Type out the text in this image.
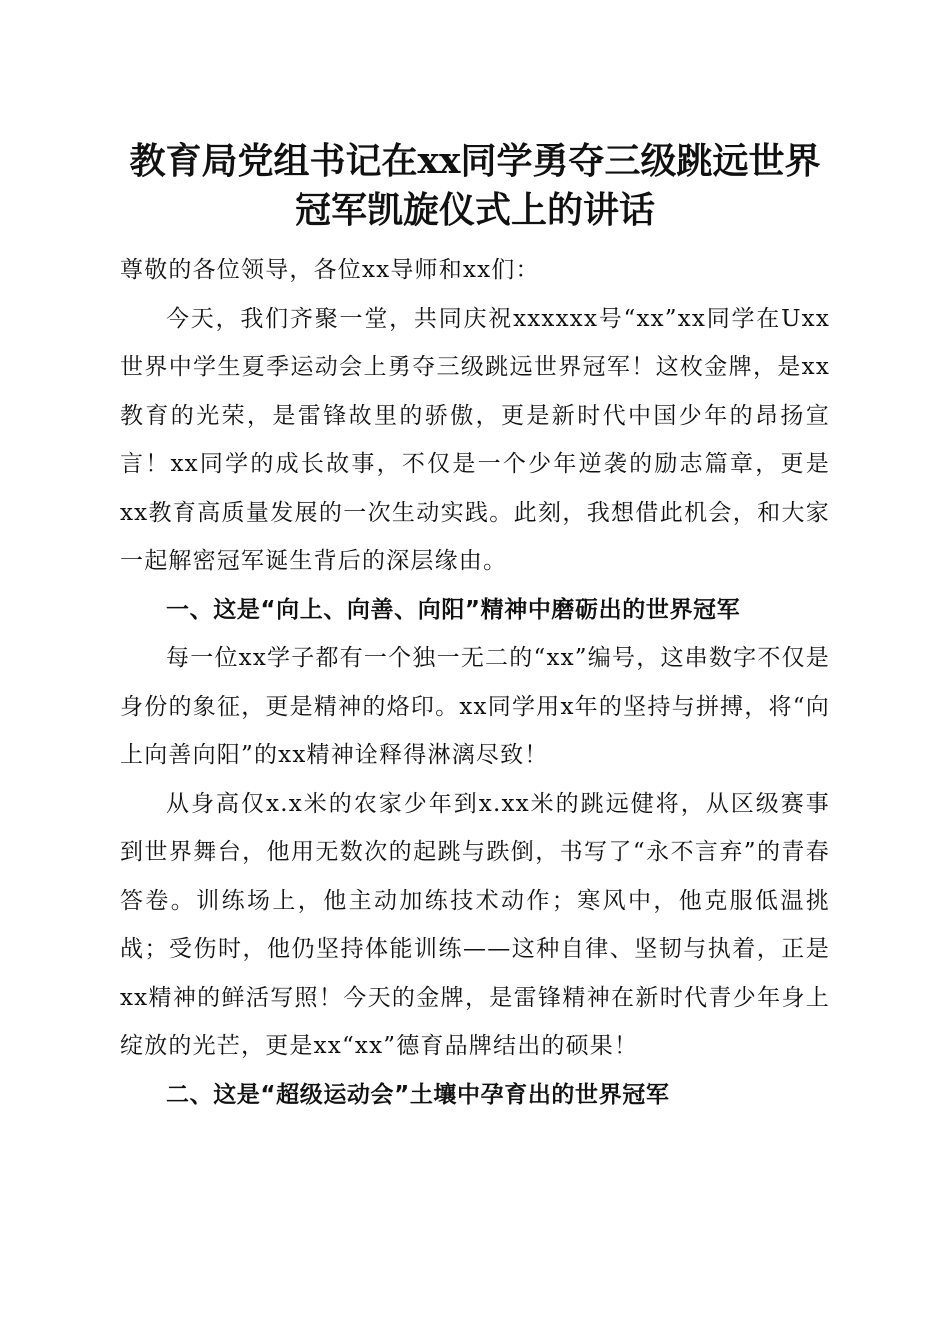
教育局党组书记在xx同学勇夺三级跳远世界
冠军凯旋仪式上的讲话

尊敬的各位领导，各位xx导师和xx们：

今天，我们齐聚一堂，共同庆祝xxxxxx号“xx”xx同学在Uxx世界中学生夏季运动会上勇夺三级跳远世界冠军！这枚金牌，是xx教育的光荣，是雷锋故里的骄傲，更是新时代中国少年的昂扬宣言！xx同学的成长故事，不仅是一个少年逆袭的励志篇章，更是xx教育高质量发展的一次生动实践。此刻，我想借此机会，和大家一起解密冠军诞生背后的深层缘由。

一、这是“向上、向善、向阳”精神中磨砺出的世界冠军

每一位xx学子都有一个独一无二的“xx”编号，这串数字不仅是身份的象征，更是精神的烙印。xx同学用x年的坚持与拼搏，将“向上向善向阳”的xx精神诠释得淋漓尽致！

从身高仅x.x米的农家少年到x.xx米的跳远健将，从区级赛事到世界舞台，他用无数次的起跳与跌倒，书写了“永不言弃”的青春答卷。训练场上，他主动加练技术动作；寒风中，他克服低温挑战；受伤时，他仍坚持体能训练——这种自律、坚韧与执着，正是xx精神的鲜活写照！今天的金牌，是雷锋精神在新时代青少年身上绽放的光芒，更是xx“xx”德育品牌结出的硕果！

二、这是“超级运动会”土壤中孕育出的世界冠军
